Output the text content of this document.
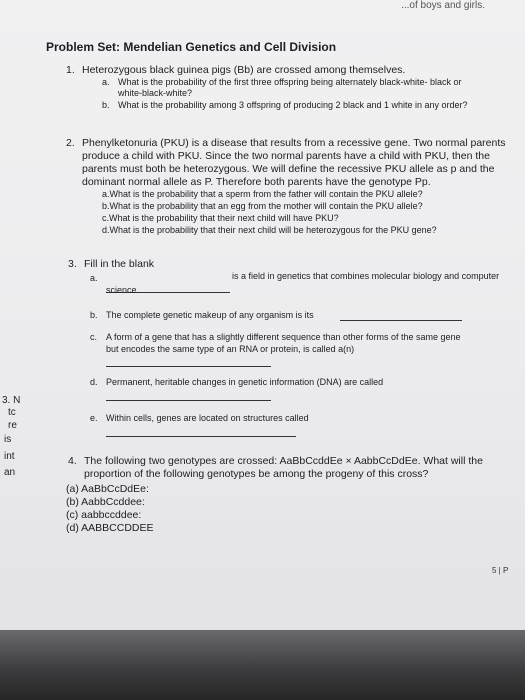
...of boys and girls.

Problem Set: Mendelian Genetics and Cell Division
1. Heterozygous black guinea pigs (Bb) are crossed among themselves.
a. What is the probability of the first three offspring being alternately black-white- black or
white-black-white?
b. What is the probability among 3 offspring of producing 2 black and 1 white in any order?
2. Phenylketonuria (PKU) is a disease that results from a recessive gene. Two normal parents
produce a child with PKU. Since the two normal parents have a child with PKU, then the
parents must both be heterozygous. We will define the recessive PKU allele as p and the
dominant normal allele as P. Therefore both parents have the genotype Pp.
a.What is the probability that a sperm from the father will contain the PKU allele?
b.What is the probability that an egg from the mother will contain the PKU allele?
c.What is the probability that their next child will have PKU?
d.What is the probability that their next child will be heterozygous for the PKU gene?
3. Fill in the blank
a.
	is a field in genetics that combines molecular biology and computer
science.
b. The complete genetic makeup of any organism is its

c. A form of a gene that has a slightly different sequence than other forms of the same gene
but encodes the same type of an RNA or protein, is called a(n)

d. Permanent, heritable changes in genetic information (DNA) are called

e. Within cells, genes are located on structures called

4. The following two genotypes are crossed: AaBbCcddEe × AabbCcDdEe. What will the
proportion of the following genotypes be among the progeny of this cross?
(a) AaBbCcDdEe:
(b) AabbCcddee:
(c) aabbccddee:
(d) AABBCCDDEE
3. N
tc
re
is
int
an
5 | P
